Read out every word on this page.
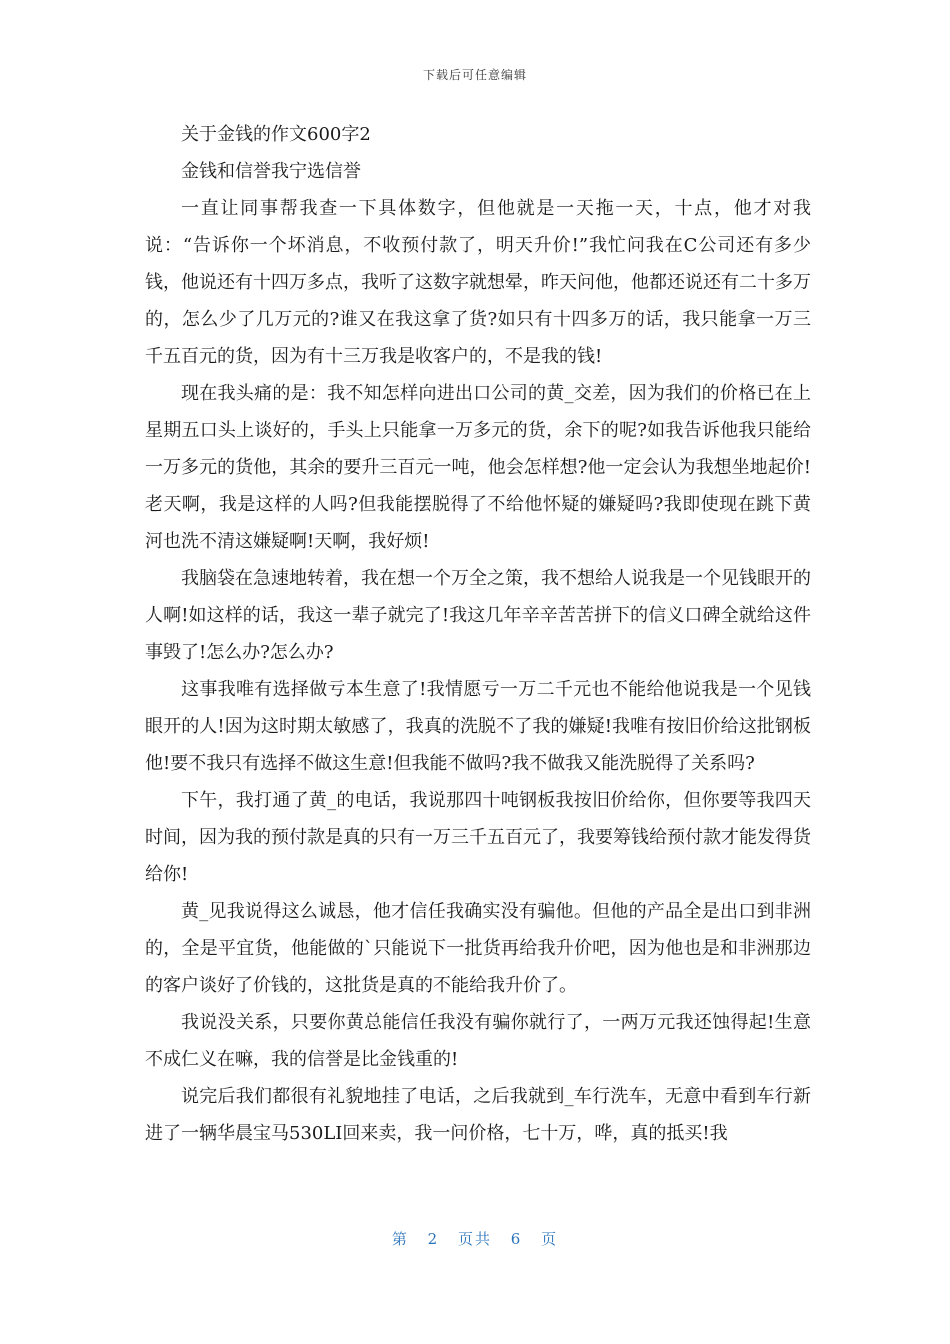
下载后可任意编辑

关于金钱的作文600字2

金钱和信誉我宁选信誉

一直让同事帮我查一下具体数字，但他就是一天拖一天，十点，他才对我说：“告诉你一个坏消息，不收预付款了，明天升价!”我忙问我在C公司还有多少钱，他说还有十四万多点，我听了这数字就想晕，昨天问他，他都还说还有二十多万的，怎么少了几万元的?谁又在我这拿了货?如只有十四多万的话，我只能拿一万三千五百元的货，因为有十三万我是收客户的，不是我的钱!

现在我头痛的是：我不知怎样向进出口公司的黄_交差，因为我们的价格已在上星期五口头上谈好的，手头上只能拿一万多元的货，余下的呢?如我告诉他我只能给一万多元的货他，其余的要升三百元一吨，他会怎样想?他一定会认为我想坐地起价!老天啊，我是这样的人吗?但我能摆脱得了不给他怀疑的嫌疑吗?我即使现在跳下黄河也洗不清这嫌疑啊!天啊，我好烦!

我脑袋在急速地转着，我在想一个万全之策，我不想给人说我是一个见钱眼开的人啊!如这样的话，我这一辈子就完了!我这几年辛辛苦苦拼下的信义口碑全就给这件事毁了!怎么办?怎么办?

这事我唯有选择做亏本生意了!我情愿亏一万二千元也不能给他说我是一个见钱眼开的人!因为这时期太敏感了，我真的洗脱不了我的嫌疑!我唯有按旧价给这批钢板他!要不我只有选择不做这生意!但我能不做吗?我不做我又能洗脱得了关系吗?

下午，我打通了黄_的电话，我说那四十吨钢板我按旧价给你，但你要等我四天时间，因为我的预付款是真的只有一万三千五百元了，我要筹钱给预付款才能发得货给你!

黄_见我说得这么诚恳，他才信任我确实没有骗他。但他的产品全是出口到非洲的，全是平宜货，他能做的`只能说下一批货再给我升价吧，因为他也是和非洲那边的客户谈好了价钱的，这批货是真的不能给我升价了。

我说没关系，只要你黄总能信任我没有骗你就行了，一两万元我还蚀得起!生意不成仁义在嘛，我的信誉是比金钱重的!

说完后我们都很有礼貌地挂了电话，之后我就到_车行洗车，无意中看到车行新进了一辆华晨宝马530LI回来卖，我一问价格，七十万，哗，真的抵买!我

第 2 页共 6 页
